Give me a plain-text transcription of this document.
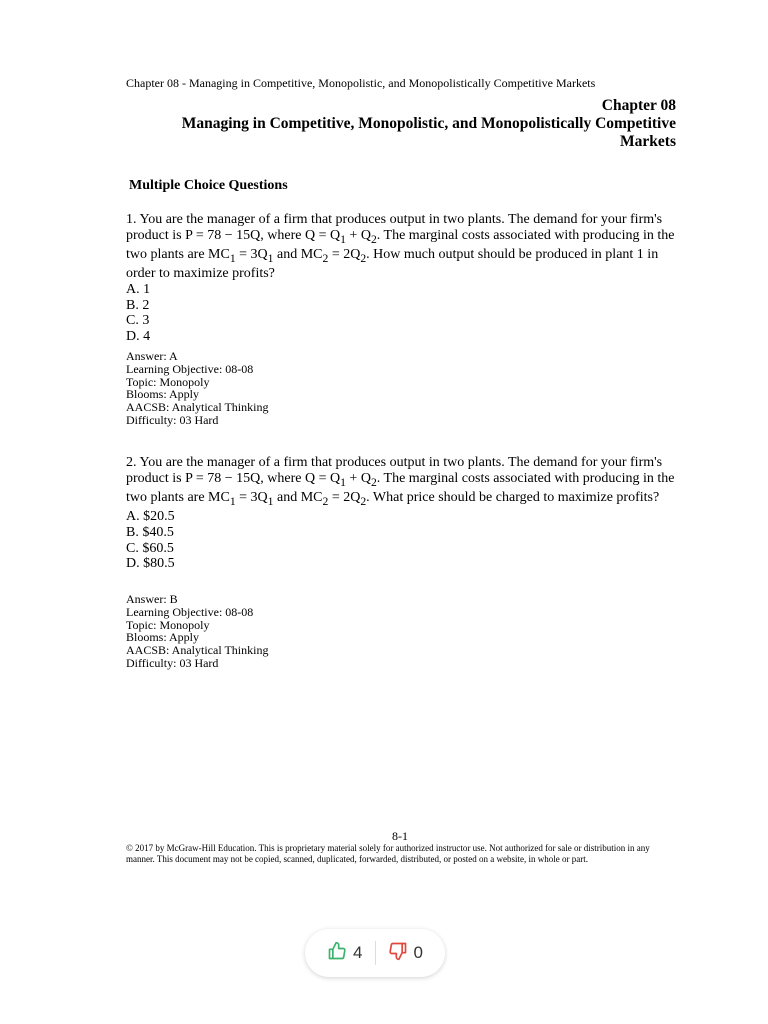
Chapter 08 - Managing in Competitive, Monopolistic, and Monopolistically Competitive Markets
Chapter 08
Managing in Competitive, Monopolistic, and Monopolistically Competitive
Markets
Multiple Choice Questions
1. You are the manager of a firm that produces output in two plants. The demand for your firm's product is P = 78 − 15Q, where $Q = Q_1 + Q_2$. The marginal costs associated with producing in the two plants are $MC_1 = 3Q_1$ and $MC_2 = 2Q_2$. How much output should be produced in plant 1 in order to maximize profits?
A. 1
B. 2
C. 3
D. 4
Answer: A
Learning Objective: 08-08
Topic: Monopoly
Blooms: Apply
AACSB: Analytical Thinking
Difficulty: 03 Hard
2. You are the manager of a firm that produces output in two plants. The demand for your firm's product is P = 78 − 15Q, where $Q = Q_1 + Q_2$. The marginal costs associated with producing in the two plants are $MC_1 = 3Q_1$ and $MC_2 = 2Q_2$. What price should be charged to maximize profits?
A. $20.5
B. $40.5
C. $60.5
D. $80.5
Answer: B
Learning Objective: 08-08
Topic: Monopoly
Blooms: Apply
AACSB: Analytical Thinking
Difficulty: 03 Hard
8-1
© 2017 by McGraw-Hill Education. This is proprietary material solely for authorized instructor use. Not authorized for sale or distribution in any manner. This document may not be copied, scanned, duplicated, forwarded, distributed, or posted on a website, in whole or part.
4	0
